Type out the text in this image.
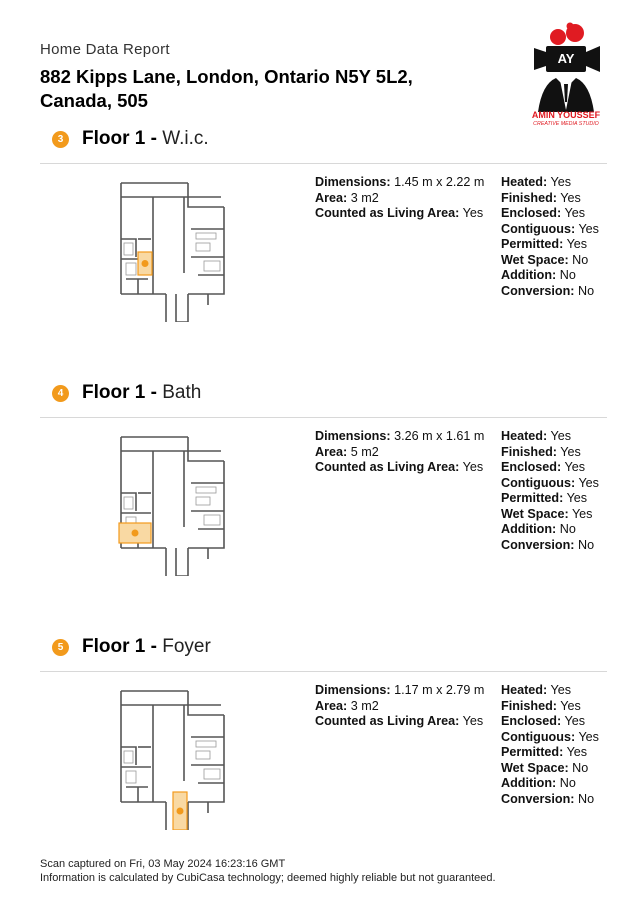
Home Data Report
882 Kipps Lane, London, Ontario N5Y 5L2, Canada, 505
AY
AMIN YOUSSEF
CREATIVE MEDIA STUDIO
3 Floor 1 - W.i.c.
Dimensions: 1.45 m x 2.22 m
Area: 3 m2
Counted as Living Area: Yes
Heated: Yes
Finished: Yes
Enclosed: Yes
Contiguous: Yes
Permitted: Yes
Wet Space: No
Addition: No
Conversion: No
4 Floor 1 - Bath
Dimensions: 3.26 m x 1.61 m
Area: 5 m2
Counted as Living Area: Yes
Heated: Yes
Finished: Yes
Enclosed: Yes
Contiguous: Yes
Permitted: Yes
Wet Space: Yes
Addition: No
Conversion: No
5 Floor 1 - Foyer
Dimensions: 1.17 m x 2.79 m
Area: 3 m2
Counted as Living Area: Yes
Heated: Yes
Finished: Yes
Enclosed: Yes
Contiguous: Yes
Permitted: Yes
Wet Space: No
Addition: No
Conversion: No
Scan captured on Fri, 03 May 2024 16:23:16 GMT
Information is calculated by CubiCasa technology; deemed highly reliable but not guaranteed.
